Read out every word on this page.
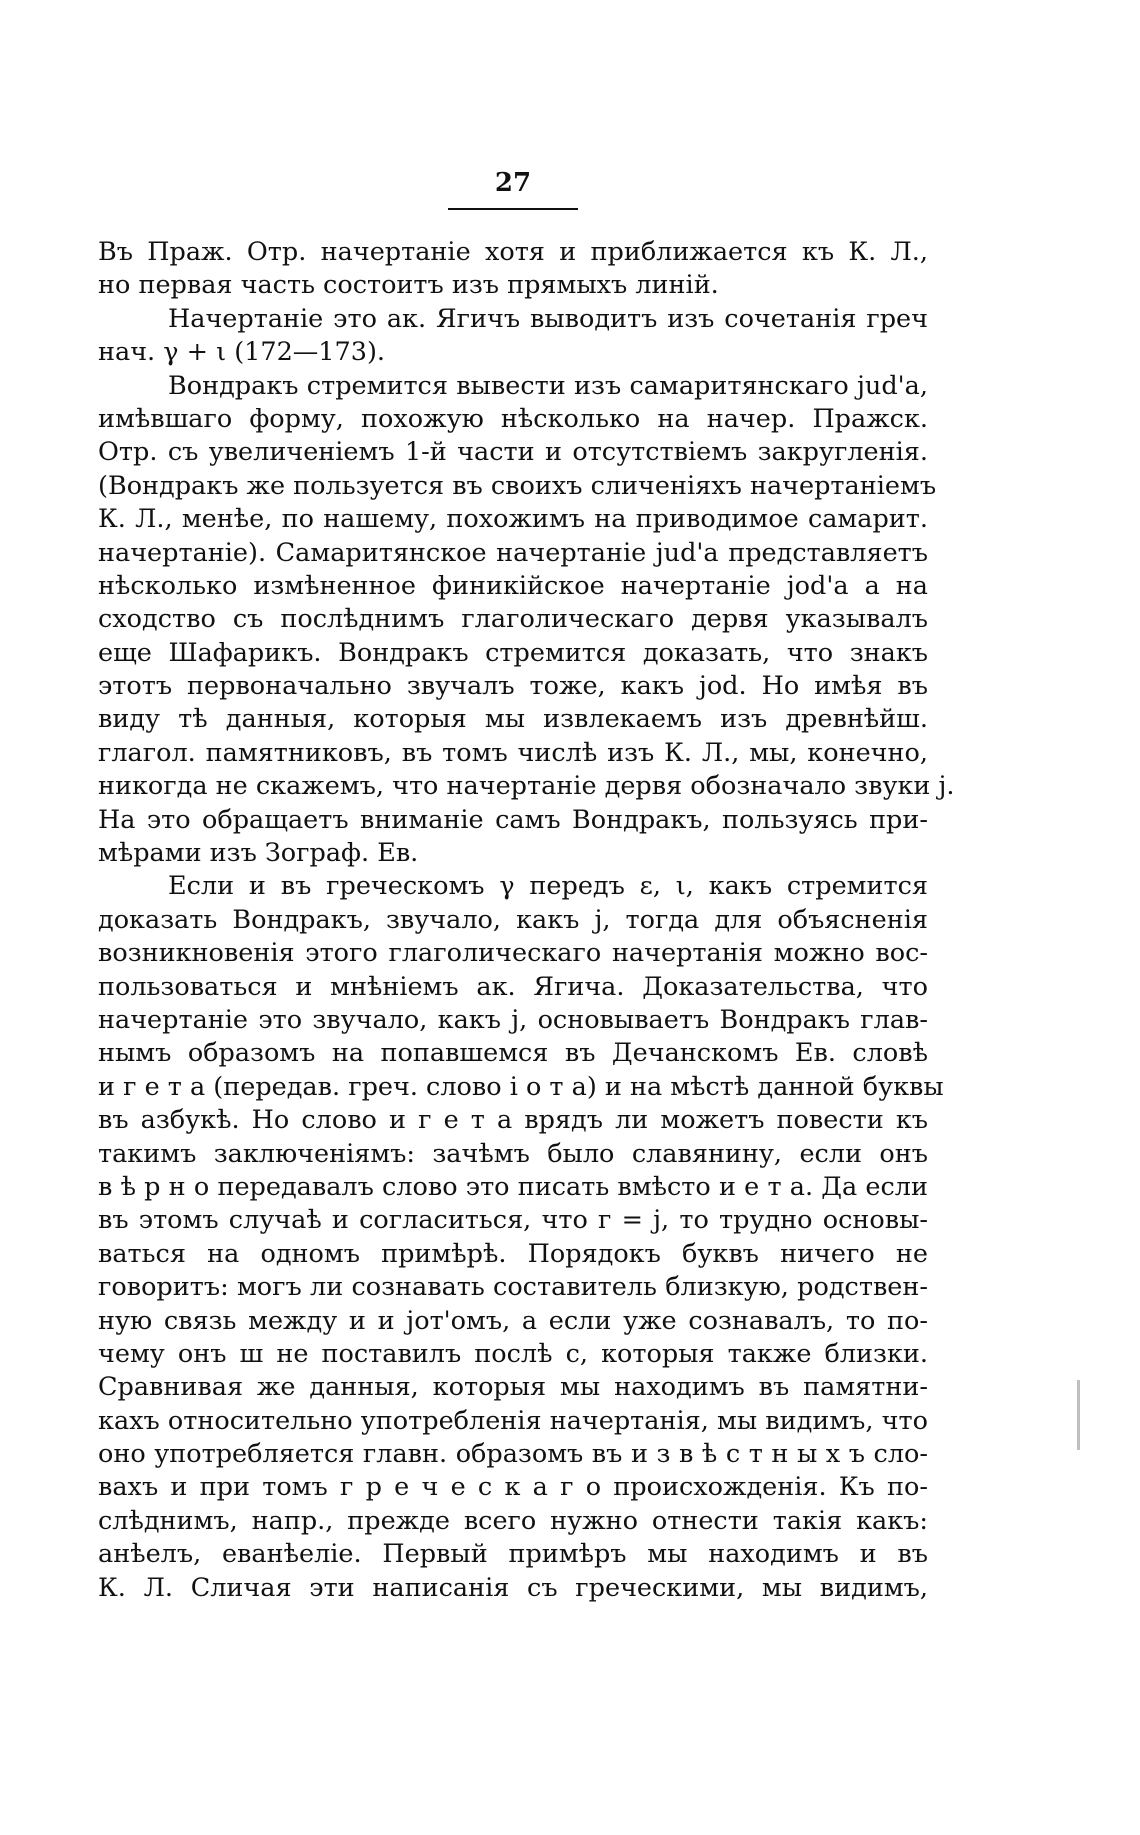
27
Въ Праж. Отр. начертаніе хотя и приближается къ К. Л.,
но первая часть состоитъ изъ прямыхъ линій.
Начертаніе это ак. Ягичъ выводитъ изъ сочетанія греч
нач. γ + ι (172—173).
Вондракъ стремится вывести изъ самаритянскаго jud'a,
имѣвшаго форму, похожую нѣсколько на начер. Пражск.
Отр. съ увеличеніемъ 1-й части и отсутствіемъ закругленія.
(Вондракъ же пользуется въ своихъ сличеніяхъ начертаніемъ
К. Л., менѣе, по нашему, похожимъ на приводимое самарит.
начертаніе). Самаритянское начертаніе jud'a представляетъ
нѣсколько измѣненное финикійское начертаніе jod'a а на
сходство съ послѣднимъ глаголическаго дервя указывалъ
еще Шафарикъ. Вондракъ стремится доказать, что знакъ
этотъ первоначально звучалъ тоже, какъ jod. Но имѣя въ
виду тѣ данныя, которыя мы извлекаемъ изъ древнѣйш.
глагол. памятниковъ, въ томъ числѣ изъ К. Л., мы, конечно,
никогда не скажемъ, что начертаніе дервя обозначало звуки j.
На это обращаетъ вниманіе самъ Вондракъ, пользуясь при-
мѣрами изъ Зограф. Ев.
Если и въ греческомъ γ передъ ε, ι, какъ стремится
доказать Вондракъ, звучало, какъ j, тогда для объясненія
возникновенія этого глаголическаго начертанія можно вос-
пользоваться и мнѣніемъ ак. Ягича. Доказательства, что
начертаніе это звучало, какъ j, основываетъ Вондракъ глав-
нымъ образомъ на попавшемся въ Дечанскомъ Ев. словѣ
и г е т а (передав. греч. слово і о т а) и на мѣстѣ данной буквы
въ азбукѣ. Но слово и г е т а врядъ ли можетъ повести къ
такимъ заключеніямъ: зачѣмъ было славянину, если онъ
в ѣ р н о передавалъ слово это писать вмѣсто и е т а. Да если
въ этомъ случаѣ и согласиться, что г = j, то трудно основы-
ваться на одномъ примѣрѣ. Порядокъ буквъ ничего не
говоритъ: могъ ли сознавать составитель близкую, родствен-
ную связь между и и jот'омъ, а если уже сознавалъ, то по-
чему онъ ш не поставилъ послѣ с, которыя также близки.
Сравнивая же данныя, которыя мы находимъ въ памятни-
кахъ относительно употребленія начертанія, мы видимъ, что
оно употребляется главн. образомъ въ и з в ѣ с т н ы х ъ сло-
вахъ и при томъ г р е ч е с к а г о происхожденія. Къ по-
слѣднимъ, напр., прежде всего нужно отнести такія какъ:
анѣелъ, еванѣеліе. Первый примѣръ мы находимъ и въ
К. Л. Сличая эти написанія съ греческими, мы видимъ,
